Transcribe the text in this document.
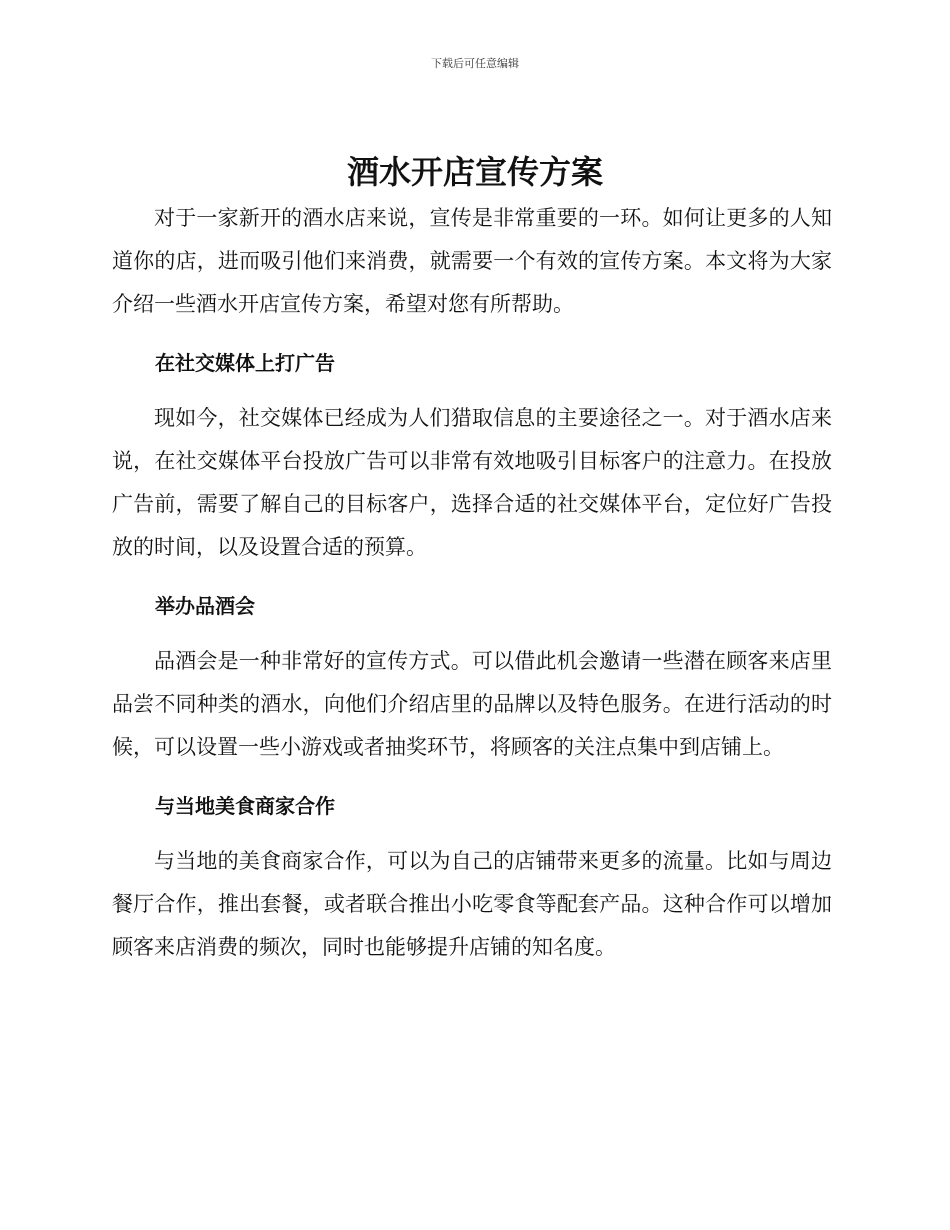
下载后可任意编辑
酒水开店宣传方案

对于一家新开的酒水店来说，宣传是非常重要的一环。如何让更多的人知道你的店，进而吸引他们来消费，就需要一个有效的宣传方案。本文将为大家介绍一些酒水开店宣传方案，希望对您有所帮助。

在社交媒体上打广告

现如今，社交媒体已经成为人们猎取信息的主要途径之一。对于酒水店来说，在社交媒体平台投放广告可以非常有效地吸引目标客户的注意力。在投放广告前，需要了解自己的目标客户，选择合适的社交媒体平台，定位好广告投放的时间，以及设置合适的预算。

举办品酒会

品酒会是一种非常好的宣传方式。可以借此机会邀请一些潜在顾客来店里品尝不同种类的酒水，向他们介绍店里的品牌以及特色服务。在进行活动的时候，可以设置一些小游戏或者抽奖环节，将顾客的关注点集中到店铺上。

与当地美食商家合作

与当地的美食商家合作，可以为自己的店铺带来更多的流量。比如与周边餐厅合作，推出套餐，或者联合推出小吃零食等配套产品。这种合作可以增加顾客来店消费的频次，同时也能够提升店铺的知名度。
